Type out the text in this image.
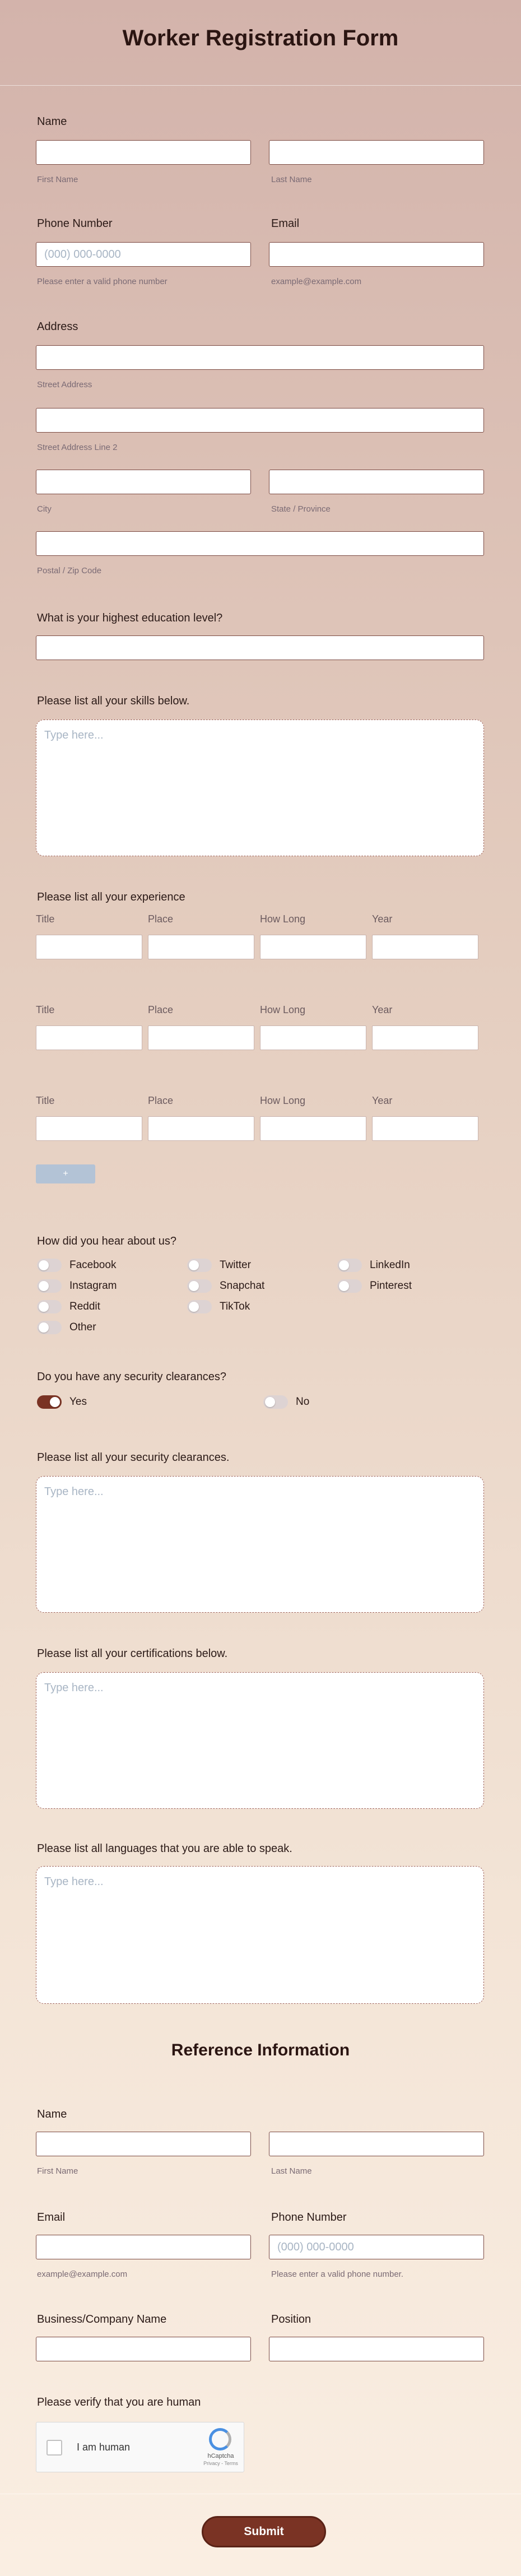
Worker Registration Form
Name
First Name	Last Name
Phone Number	Email
(000) 000-0000
Please enter a valid phone number	example@example.com
Address
Street Address
Street Address Line 2
City	State / Province
Postal / Zip Code
What is your highest education level?
Please list all your skills below.
Type here...
Please list all your experience
Title	Place	How Long	Year
Title	Place	How Long	Year
Title	Place	How Long	Year
+
How did you hear about us?
Facebook	Twitter	LinkedIn
Instagram	Snapchat	Pinterest
Reddit	TikTok
Other
Do you have any security clearances?
Yes	No
Please list all your security clearances.
Type here...
Please list all your certifications below.
Type here...
Please list all languages that you are able to speak.
Type here...
Reference Information
Name
First Name	Last Name
Email	Phone Number
(000) 000-0000
example@example.com	Please enter a valid phone number.
Business/Company Name	Position
Please verify that you are human
I am human
hCaptcha
Privacy - Terms
Submit
